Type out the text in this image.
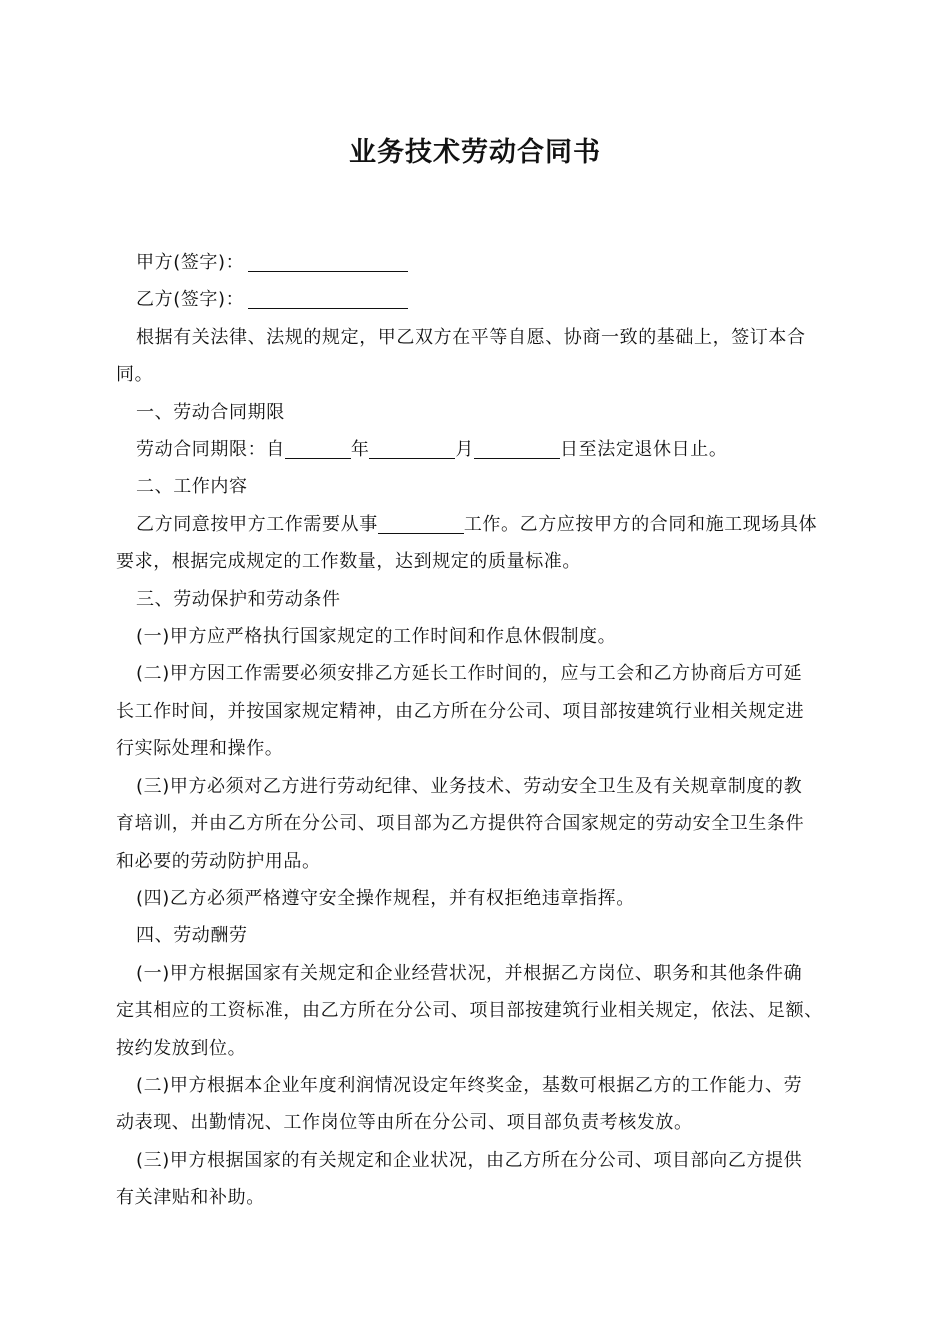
业务技术劳动合同书
甲方(签字)：
乙方(签字)：
根据有关法律、法规的规定，甲乙双方在平等自愿、协商一致的基础上，签订本合
同。
一、劳动合同期限
劳动合同期限：自	年	月	日至法定退休日止。
二、工作内容
乙方同意按甲方工作需要从事	工作。乙方应按甲方的合同和施工现场具体
要求，根据完成规定的工作数量，达到规定的质量标准。
三、劳动保护和劳动条件
(一)甲方应严格执行国家规定的工作时间和作息休假制度。
(二)甲方因工作需要必须安排乙方延长工作时间的，应与工会和乙方协商后方可延
长工作时间，并按国家规定精神，由乙方所在分公司、项目部按建筑行业相关规定进
行实际处理和操作。
(三)甲方必须对乙方进行劳动纪律、业务技术、劳动安全卫生及有关规章制度的教
育培训，并由乙方所在分公司、项目部为乙方提供符合国家规定的劳动安全卫生条件
和必要的劳动防护用品。
(四)乙方必须严格遵守安全操作规程，并有权拒绝违章指挥。
四、劳动酬劳
(一)甲方根据国家有关规定和企业经营状况，并根据乙方岗位、职务和其他条件确
定其相应的工资标准，由乙方所在分公司、项目部按建筑行业相关规定，依法、足额、
按约发放到位。
(二)甲方根据本企业年度利润情况设定年终奖金，基数可根据乙方的工作能力、劳
动表现、出勤情况、工作岗位等由所在分公司、项目部负责考核发放。
(三)甲方根据国家的有关规定和企业状况，由乙方所在分公司、项目部向乙方提供
有关津贴和补助。
